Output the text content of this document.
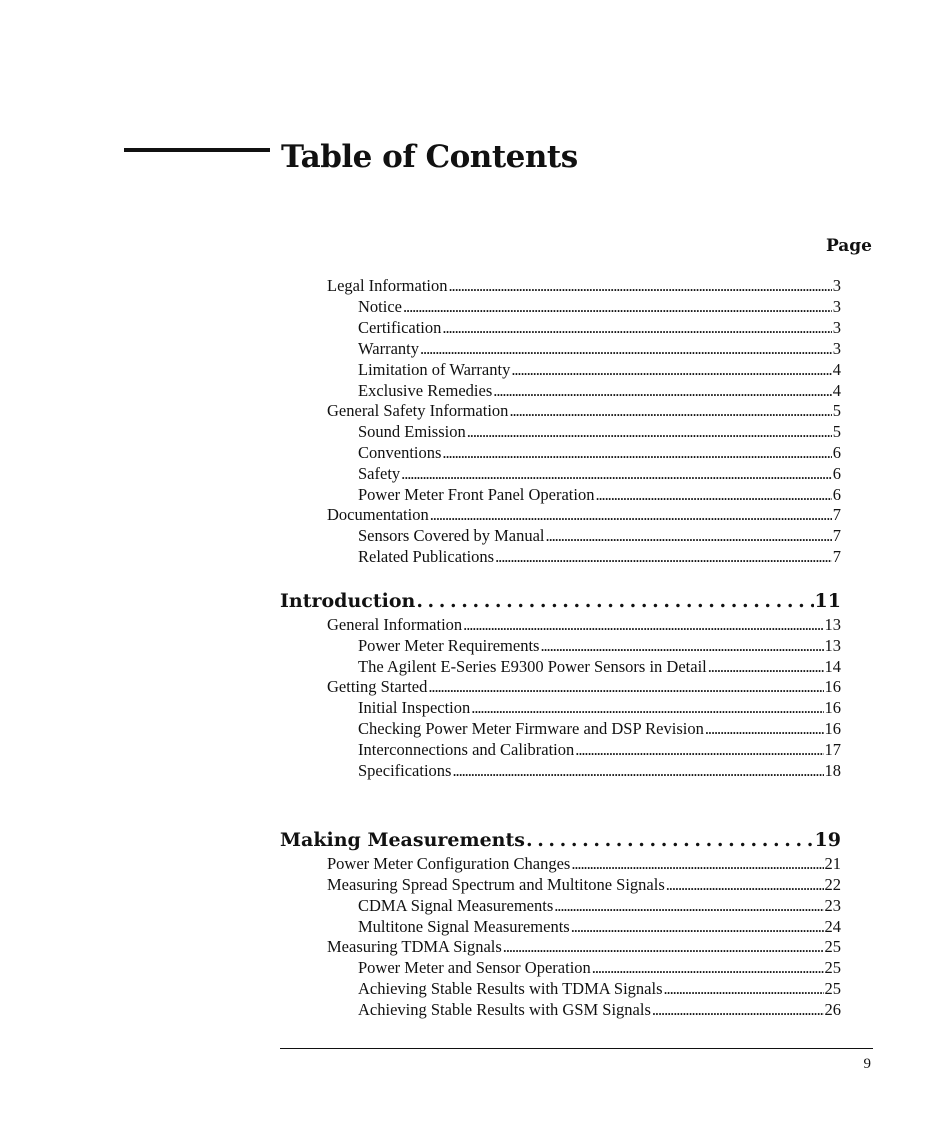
Table of Contents
Page
Legal Information . . .	3
Notice . . .	3
Certification . . .	3
Warranty . . .	3
Limitation of Warranty . . .	4
Exclusive Remedies . . .	4
General Safety Information . . .	5
Sound Emission . . .	5
Conventions . . .	6
Safety . . .	6
Power Meter Front Panel Operation . . .	6
Documentation . . .	7
Sensors Covered by Manual . . .	7
Related Publications . . .	7
Introduction . . .	11
General Information . . .	13
Power Meter Requirements . . .	13
The Agilent E-Series E9300 Power Sensors in Detail . . .	14
Getting Started . . .	16
Initial Inspection . . .	16
Checking Power Meter Firmware and DSP Revision . . .	16
Interconnections and Calibration . . .	17
Specifications . . .	18
Making Measurements . . .	19
Power Meter Configuration Changes . . .	21
Measuring Spread Spectrum and Multitone Signals . . .	22
CDMA Signal Measurements . . .	23
Multitone Signal Measurements . . .	24
Measuring TDMA Signals . . .	25
Power Meter and Sensor Operation . . .	25
Achieving Stable Results with TDMA Signals . . .	25
Achieving Stable Results with GSM Signals . . .	26
9
